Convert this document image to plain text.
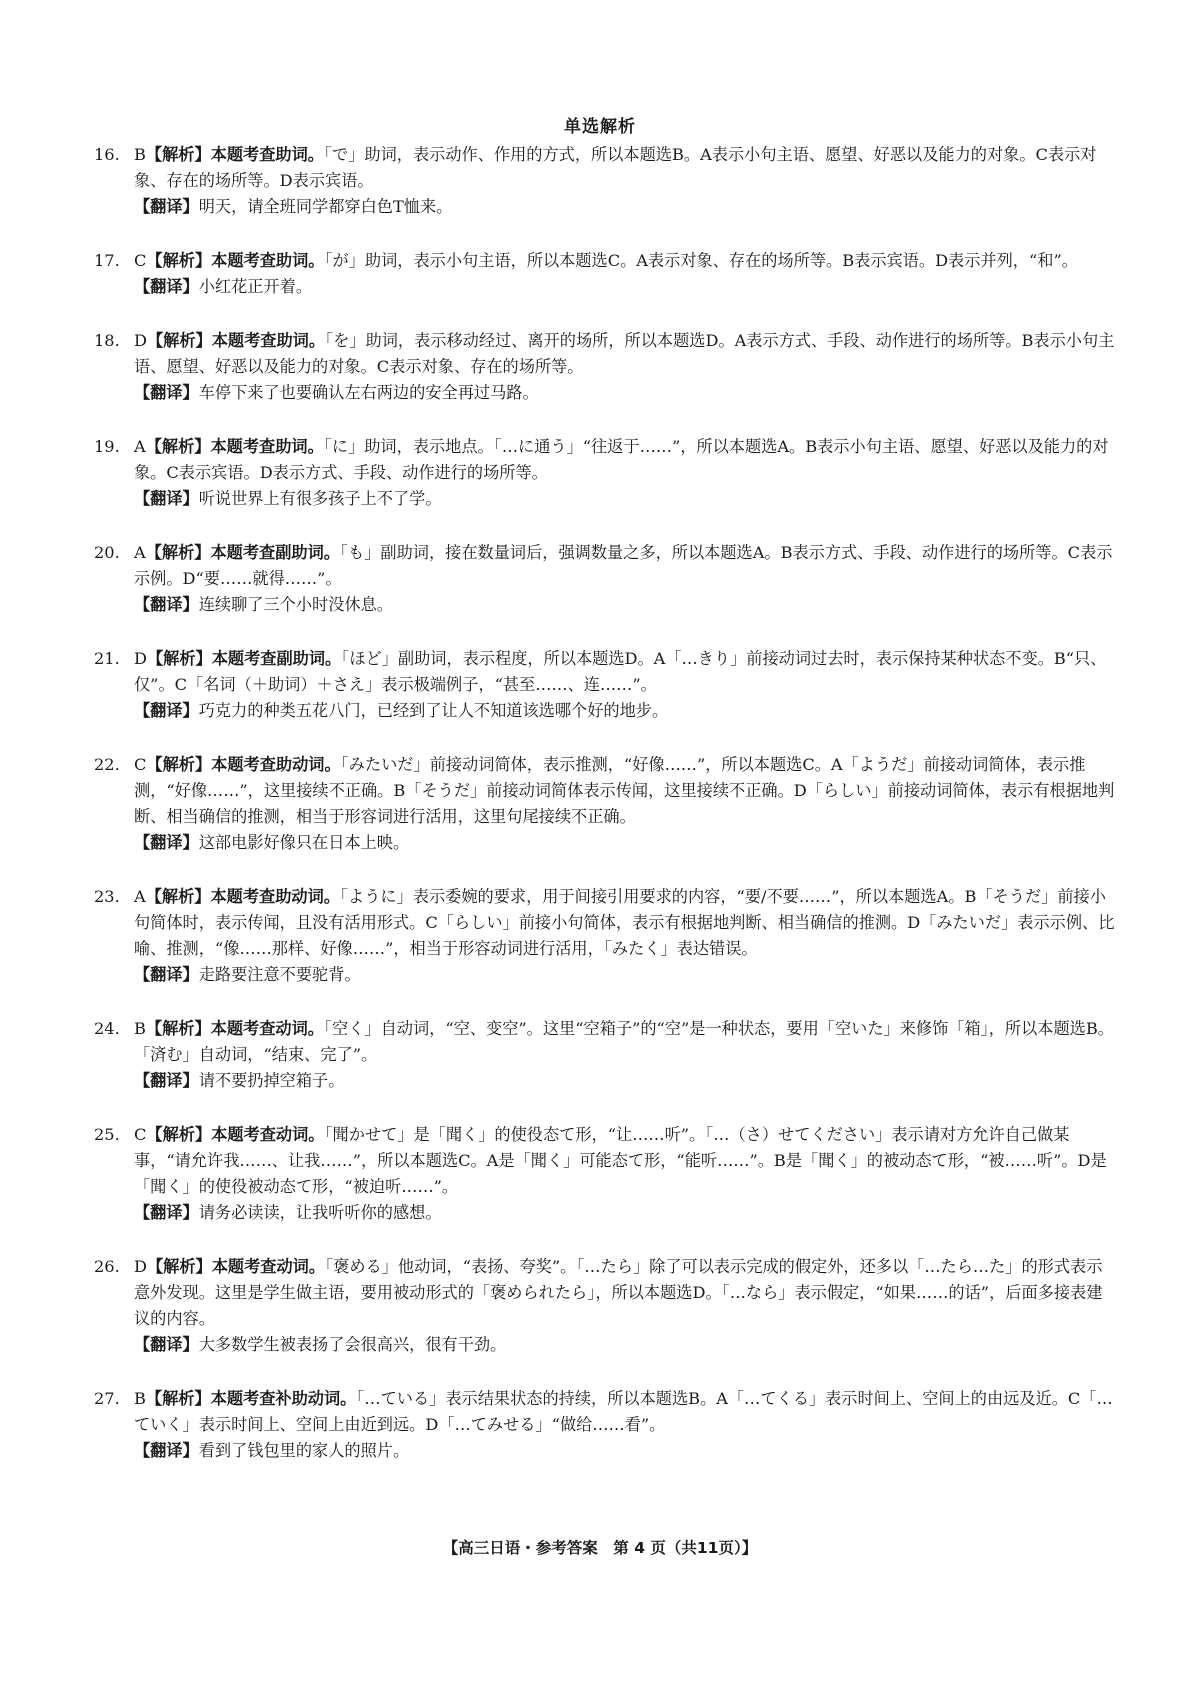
单选解析

16. B【解析】本题考查助词。「で」助词，表示动作、作用的方式，所以本题选B。A表示小句主语、愿望、好恶以及能力的对象。C表示对象、存在的场所等。D表示宾语。

【翻译】明天，请全班同学都穿白色T恤来。

17. C【解析】本题考查助词。「が」助词，表示小句主语，所以本题选C。A表示对象、存在的场所等。B表示宾语。D表示并列，“和”。

【翻译】小红花正开着。

18. D【解析】本题考查助词。「を」助词，表示移动经过、离开的场所，所以本题选D。A表示方式、手段、动作进行的场所等。B表示小句主语、愿望、好恶以及能力的对象。C表示对象、存在的场所等。

【翻译】车停下来了也要确认左右两边的安全再过马路。

19. A【解析】本题考查助词。「に」助词，表示地点。「…に通う」“往返于……”，所以本题选A。B表示小句主语、愿望、好恶以及能力的对象。C表示宾语。D表示方式、手段、动作进行的场所等。

【翻译】听说世界上有很多孩子上不了学。

20. A【解析】本题考查副助词。「も」副助词，接在数量词后，强调数量之多，所以本题选A。B表示方式、手段、动作进行的场所等。C表示示例。D“要……就得……”。

【翻译】连续聊了三个小时没休息。

21. D【解析】本题考查副助词。「ほど」副助词，表示程度，所以本题选D。A「…きり」前接动词过去时，表示保持某种状态不变。B“只、仅”。C「名词（＋助词）＋さえ」表示极端例子，“甚至……、连……”。

【翻译】巧克力的种类五花八门，已经到了让人不知道该选哪个好的地步。

22. C【解析】本题考查助动词。「みたいだ」前接动词简体，表示推测，“好像……”，所以本题选C。A「ようだ」前接动词简体，表示推测，“好像……”，这里接续不正确。B「そうだ」前接动词简体表示传闻，这里接续不正确。D「らしい」前接动词简体，表示有根据地判断、相当确信的推测，相当于形容词进行活用，这里句尾接续不正确。

【翻译】这部电影好像只在日本上映。

23. A【解析】本题考查助动词。「ように」表示委婉的要求，用于间接引用要求的内容，“要/不要……”，所以本题选A。B「そうだ」前接小句简体时，表示传闻，且没有活用形式。C「らしい」前接小句简体，表示有根据地判断、相当确信的推测。D「みたいだ」表示示例、比喻、推测，“像……那样、好像……”，相当于形容动词进行活用，「みたく」表达错误。

【翻译】走路要注意不要驼背。

24. B【解析】本题考查动词。「空く」自动词，“空、变空”。这里“空箱子”的“空”是一种状态，要用「空いた」来修饰「箱」，所以本题选B。「済む」自动词，“结束、完了”。

【翻译】请不要扔掉空箱子。

25. C【解析】本题考查动词。「聞かせて」是「聞く」的使役态て形，“让……听”。「…（さ）せてください」表示请对方允许自己做某事，“请允许我……、让我……”，所以本题选C。A是「聞く」可能态て形，“能听……”。B是「聞く」的被动态て形，“被……听”。D是「聞く」的使役被动态て形，“被迫听……”。

【翻译】请务必读读，让我听听你的感想。

26. D【解析】本题考查动词。「褒める」他动词，“表扬、夸奖”。「…たら」除了可以表示完成的假定外，还多以「…たら…た」的形式表示意外发现。这里是学生做主语，要用被动形式的「褒められたら」，所以本题选D。「…なら」表示假定，“如果……的话”，后面多接表建议的内容。

【翻译】大多数学生被表扬了会很高兴，很有干劲。

27. B【解析】本题考查补助动词。「…ている」表示结果状态的持续，所以本题选B。A「…てくる」表示时间上、空间上的由远及近。C「…ていく」表示时间上、空间上由近到远。D「…てみせる」“做给……看”。

【翻译】看到了钱包里的家人的照片。

【高三日语・参考答案　第 4 页（共11页）】
